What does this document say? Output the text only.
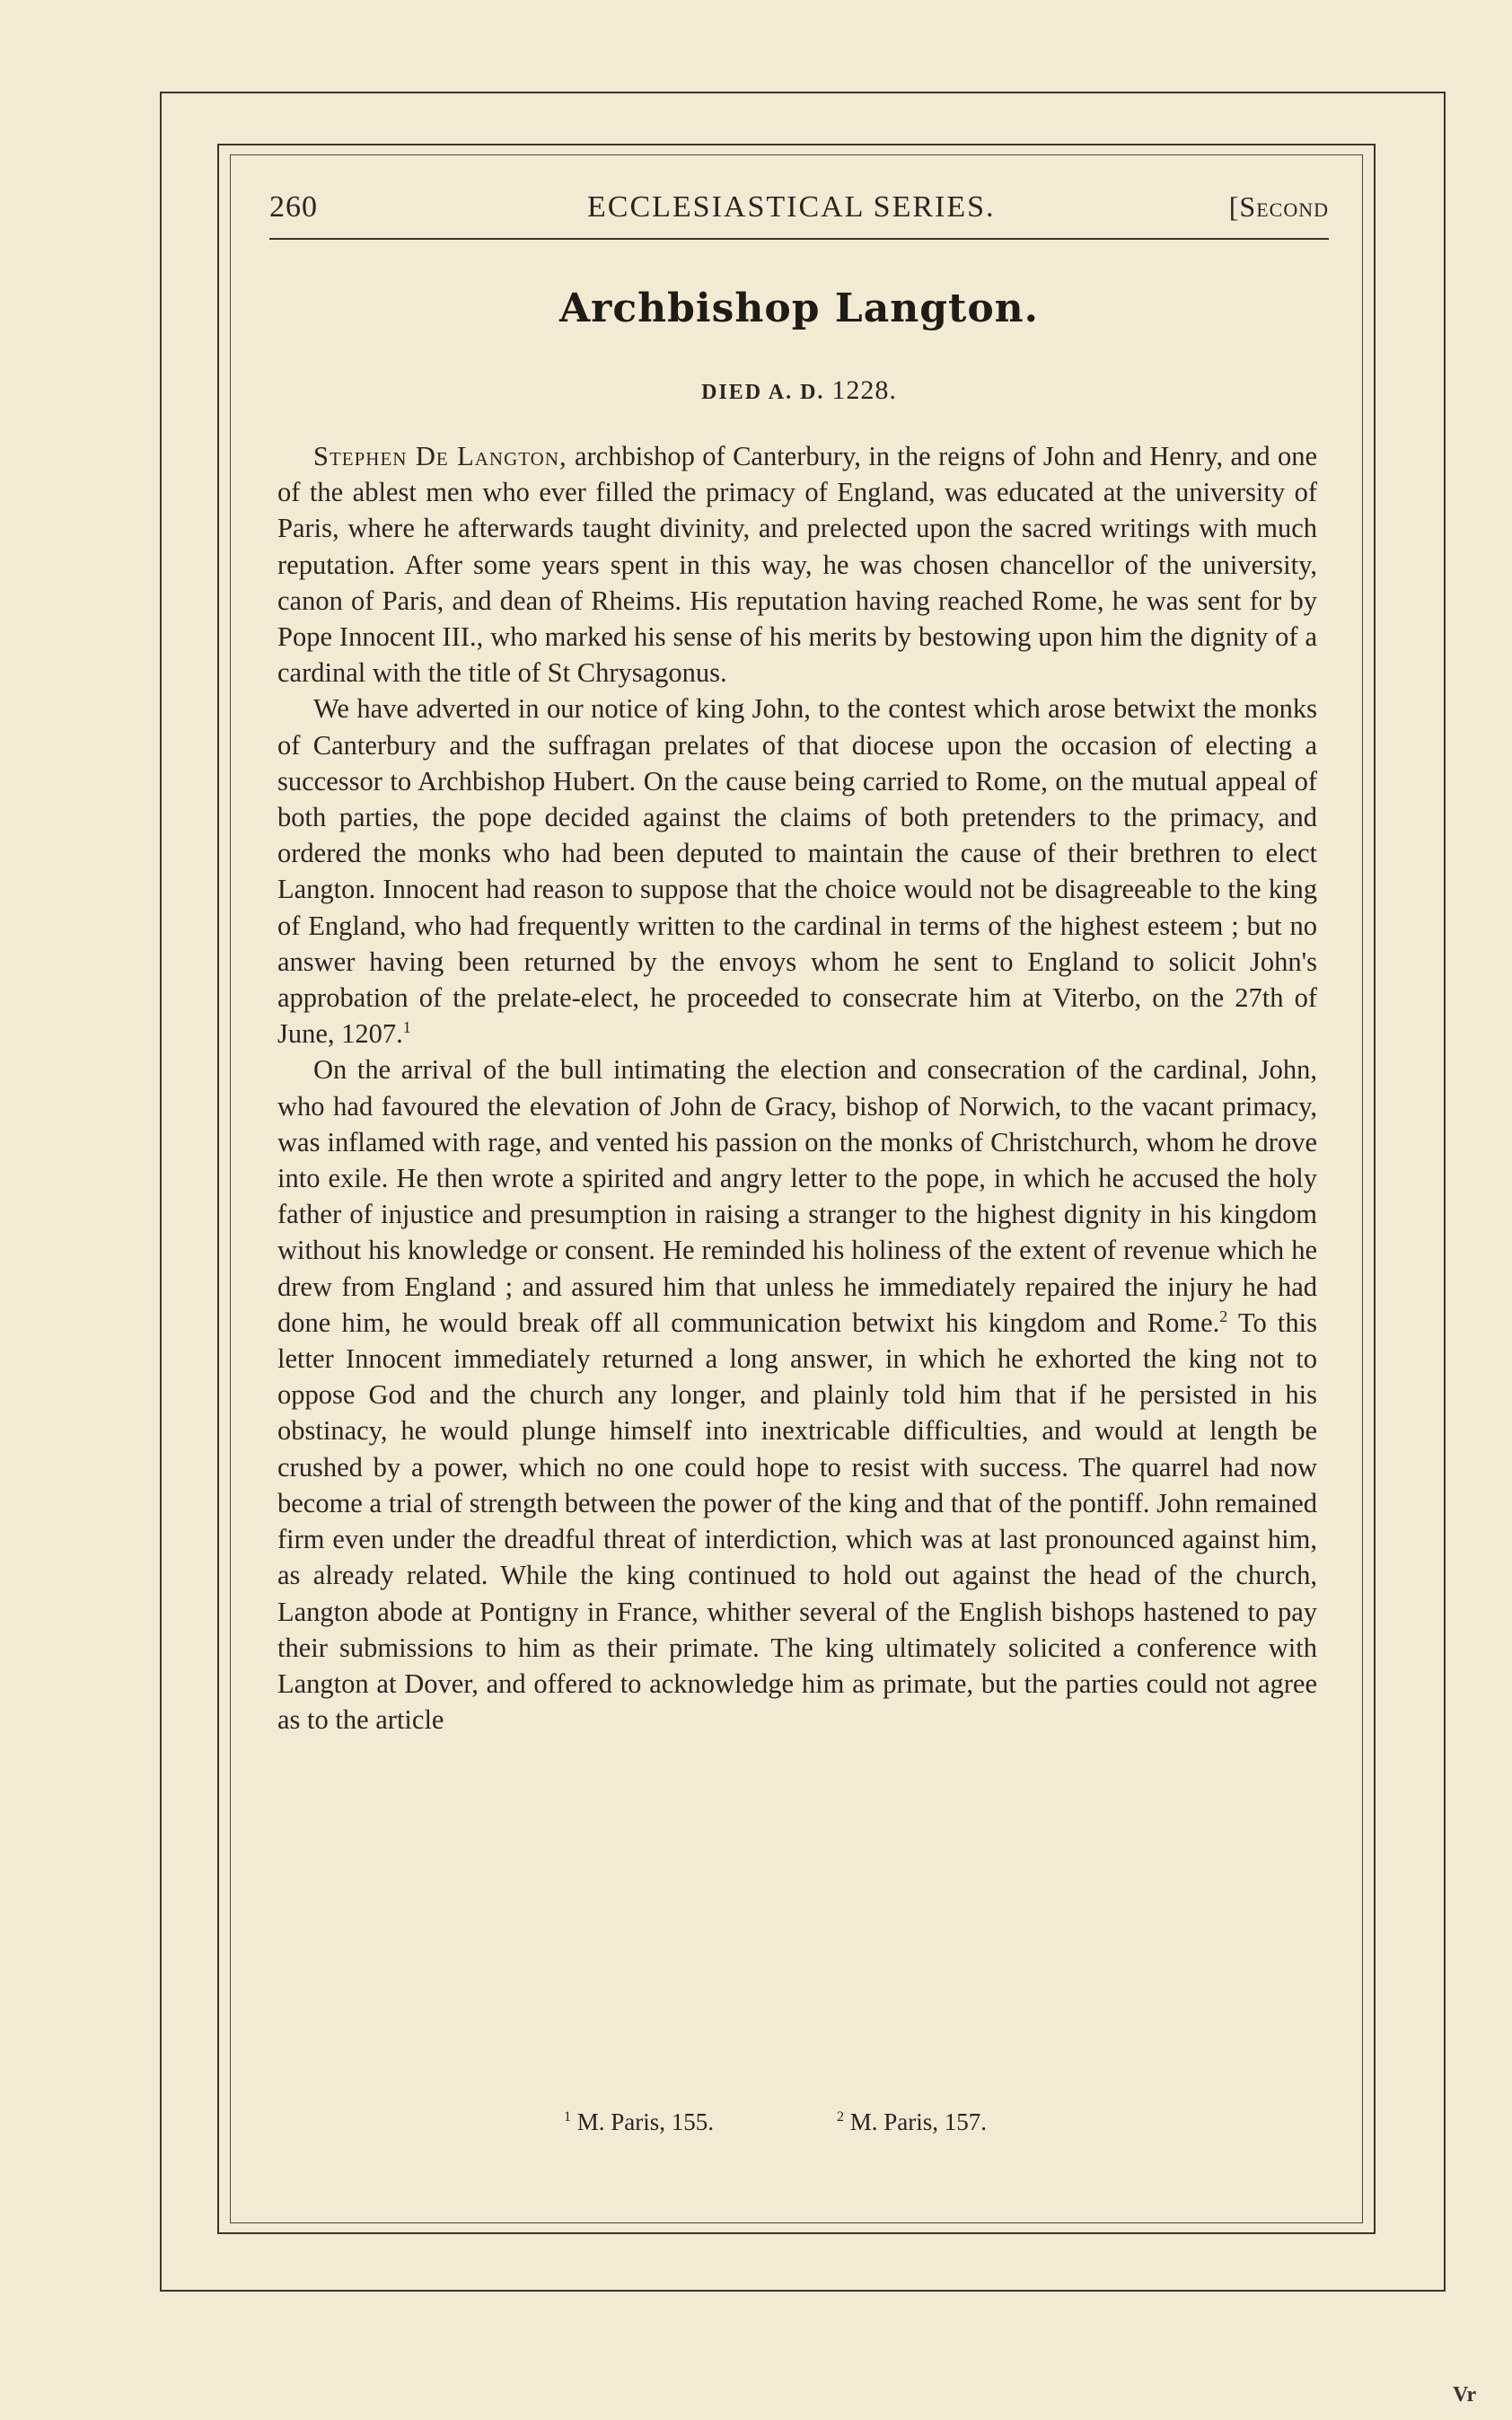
260	ECCLESIASTICAL SERIES.	[Second
Archbishop Langton.
DIED A. D. 1228.

Stephen De Langton, archbishop of Canterbury, in the reigns of John and Henry, and one of the ablest men who ever filled the primacy of England, was educated at the university of Paris, where he afterwards taught divinity, and prelected upon the sacred writings with much reputation. After some years spent in this way, he was chosen chancellor of the university, canon of Paris, and dean of Rheims. His reputation having reached Rome, he was sent for by Pope Innocent III., who marked his sense of his merits by bestowing upon him the dignity of a cardinal with the title of St Chrysagonus.

We have adverted in our notice of king John, to the contest which arose betwixt the monks of Canterbury and the suffragan prelates of that diocese upon the occasion of electing a successor to Archbishop Hubert. On the cause being carried to Rome, on the mutual appeal of both parties, the pope decided against the claims of both pretenders to the primacy, and ordered the monks who had been deputed to maintain the cause of their brethren to elect Langton. Innocent had reason to suppose that the choice would not be disagreeable to the king of England, who had frequently written to the cardinal in terms of the highest esteem ; but no answer having been returned by the envoys whom he sent to England to solicit John's approbation of the prelate-elect, he proceeded to consecrate him at Viterbo, on the 27th of June, 1207.$^1$

On the arrival of the bull intimating the election and consecration of the cardinal, John, who had favoured the elevation of John de Gracy, bishop of Norwich, to the vacant primacy, was inflamed with rage, and vented his passion on the monks of Christchurch, whom he drove into exile. He then wrote a spirited and angry letter to the pope, in which he accused the holy father of injustice and presumption in raising a stranger to the highest dignity in his kingdom without his knowledge or consent. He reminded his holiness of the extent of revenue which he drew from England ; and assured him that unless he immediately repaired the injury he had done him, he would break off all communication betwixt his kingdom and Rome.$^2$ To this letter Innocent immediately returned a long answer, in which he exhorted the king not to oppose God and the church any longer, and plainly told him that if he persisted in his obstinacy, he would plunge himself into inextricable difficulties, and would at length be crushed by a power, which no one could hope to resist with success. The quarrel had now become a trial of strength between the power of the king and that of the pontiff. John remained firm even under the dreadful threat of interdiction, which was at last pronounced against him, as already related. While the king continued to hold out against the head of the church, Langton abode at Pontigny in France, whither several of the English bishops hastened to pay their submissions to him as their primate. The king ultimately solicited a conference with Langton at Dover, and offered to acknowledge him as primate, but the parties could not agree as to the article

$^1$ M. Paris, 155.	$^2$ M. Paris, 157.
Vr
